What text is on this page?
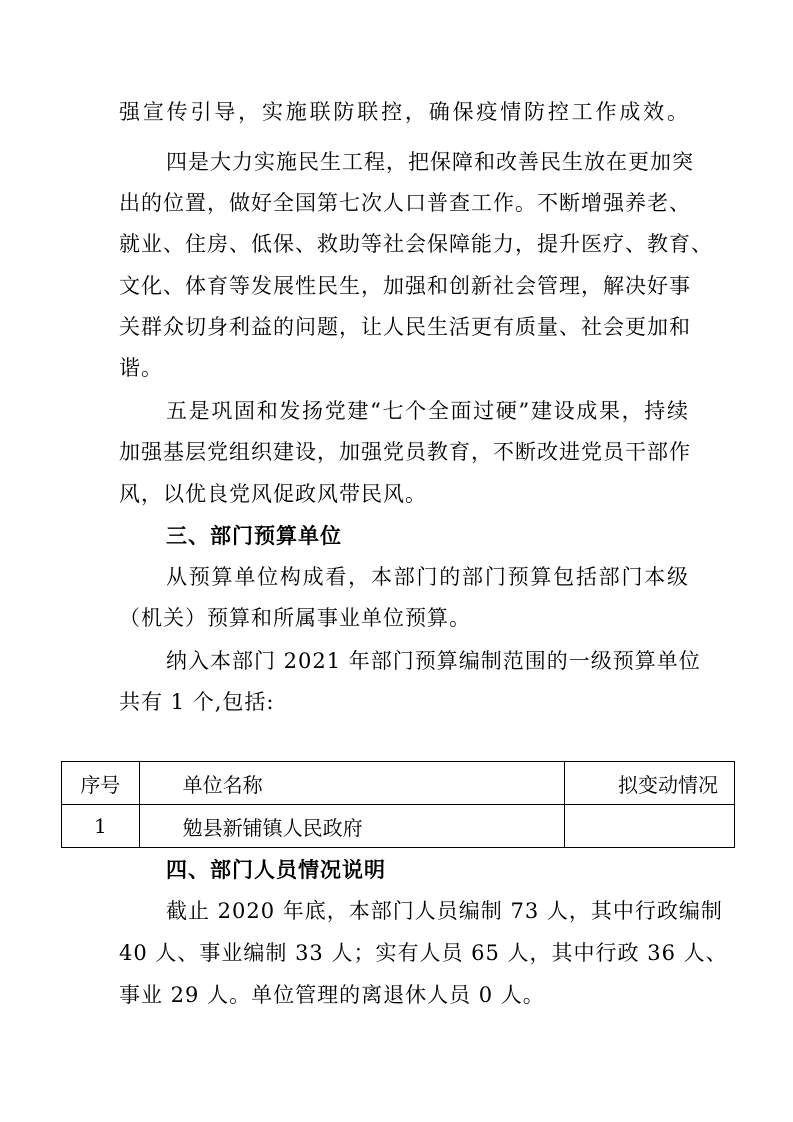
强宣传引导，实施联防联控，确保疫情防控工作成效。
四是大力实施民生工程，把保障和改善民生放在更加突
出的位置，做好全国第七次人口普查工作。不断增强养老、
就业、住房、低保、救助等社会保障能力，提升医疗、教育、
文化、体育等发展性民生，加强和创新社会管理，解决好事
关群众切身利益的问题，让人民生活更有质量、社会更加和
谐。
五是巩固和发扬党建“七个全面过硬”建设成果，持续
加强基层党组织建设，加强党员教育，不断改进党员干部作
风，以优良党风促政风带民风。
三、部门预算单位
从预算单位构成看，本部门的部门预算包括部门本级
（机关）预算和所属事业单位预算。
纳入本部门 2021 年部门预算编制范围的一级预算单位
共有 1 个,包括:
序号	单位名称	拟变动情况
1	勉县新铺镇人民政府	
四、部门人员情况说明
截止 2020 年底，本部门人员编制 73 人，其中行政编制
40 人、事业编制 33 人；实有人员 65 人，其中行政 36 人、
事业 29 人。单位管理的离退休人员 0 人。
